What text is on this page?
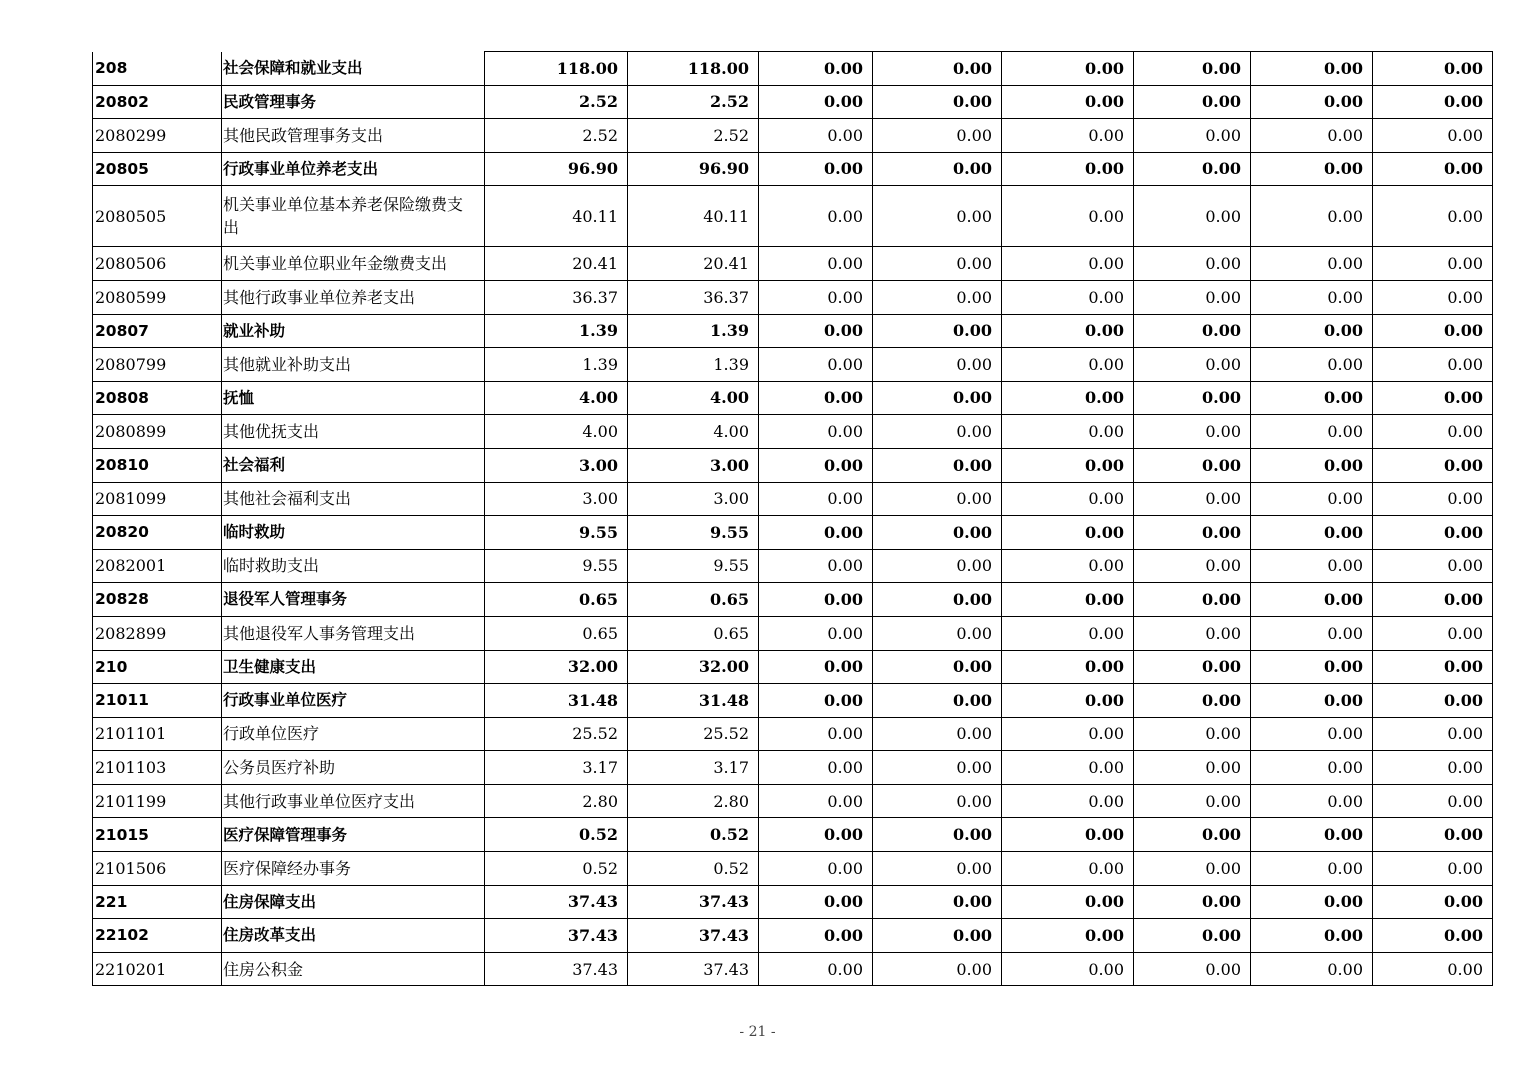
208	社会保障和就业支出	118.00	118.00	0.00	0.00	0.00	0.00	0.00	0.00
20802	民政管理事务	2.52	2.52	0.00	0.00	0.00	0.00	0.00	0.00
2080299	其他民政管理事务支出	2.52	2.52	0.00	0.00	0.00	0.00	0.00	0.00
20805	行政事业单位养老支出	96.90	96.90	0.00	0.00	0.00	0.00	0.00	0.00
2080505	机关事业单位基本养老保险缴费支出	40.11	40.11	0.00	0.00	0.00	0.00	0.00	0.00
2080506	机关事业单位职业年金缴费支出	20.41	20.41	0.00	0.00	0.00	0.00	0.00	0.00
2080599	其他行政事业单位养老支出	36.37	36.37	0.00	0.00	0.00	0.00	0.00	0.00
20807	就业补助	1.39	1.39	0.00	0.00	0.00	0.00	0.00	0.00
2080799	其他就业补助支出	1.39	1.39	0.00	0.00	0.00	0.00	0.00	0.00
20808	抚恤	4.00	4.00	0.00	0.00	0.00	0.00	0.00	0.00
2080899	其他优抚支出	4.00	4.00	0.00	0.00	0.00	0.00	0.00	0.00
20810	社会福利	3.00	3.00	0.00	0.00	0.00	0.00	0.00	0.00
2081099	其他社会福利支出	3.00	3.00	0.00	0.00	0.00	0.00	0.00	0.00
20820	临时救助	9.55	9.55	0.00	0.00	0.00	0.00	0.00	0.00
2082001	临时救助支出	9.55	9.55	0.00	0.00	0.00	0.00	0.00	0.00
20828	退役军人管理事务	0.65	0.65	0.00	0.00	0.00	0.00	0.00	0.00
2082899	其他退役军人事务管理支出	0.65	0.65	0.00	0.00	0.00	0.00	0.00	0.00
210	卫生健康支出	32.00	32.00	0.00	0.00	0.00	0.00	0.00	0.00
21011	行政事业单位医疗	31.48	31.48	0.00	0.00	0.00	0.00	0.00	0.00
2101101	行政单位医疗	25.52	25.52	0.00	0.00	0.00	0.00	0.00	0.00
2101103	公务员医疗补助	3.17	3.17	0.00	0.00	0.00	0.00	0.00	0.00
2101199	其他行政事业单位医疗支出	2.80	2.80	0.00	0.00	0.00	0.00	0.00	0.00
21015	医疗保障管理事务	0.52	0.52	0.00	0.00	0.00	0.00	0.00	0.00
2101506	医疗保障经办事务	0.52	0.52	0.00	0.00	0.00	0.00	0.00	0.00
221	住房保障支出	37.43	37.43	0.00	0.00	0.00	0.00	0.00	0.00
22102	住房改革支出	37.43	37.43	0.00	0.00	0.00	0.00	0.00	0.00
2210201	住房公积金	37.43	37.43	0.00	0.00	0.00	0.00	0.00	0.00
- 21 -
